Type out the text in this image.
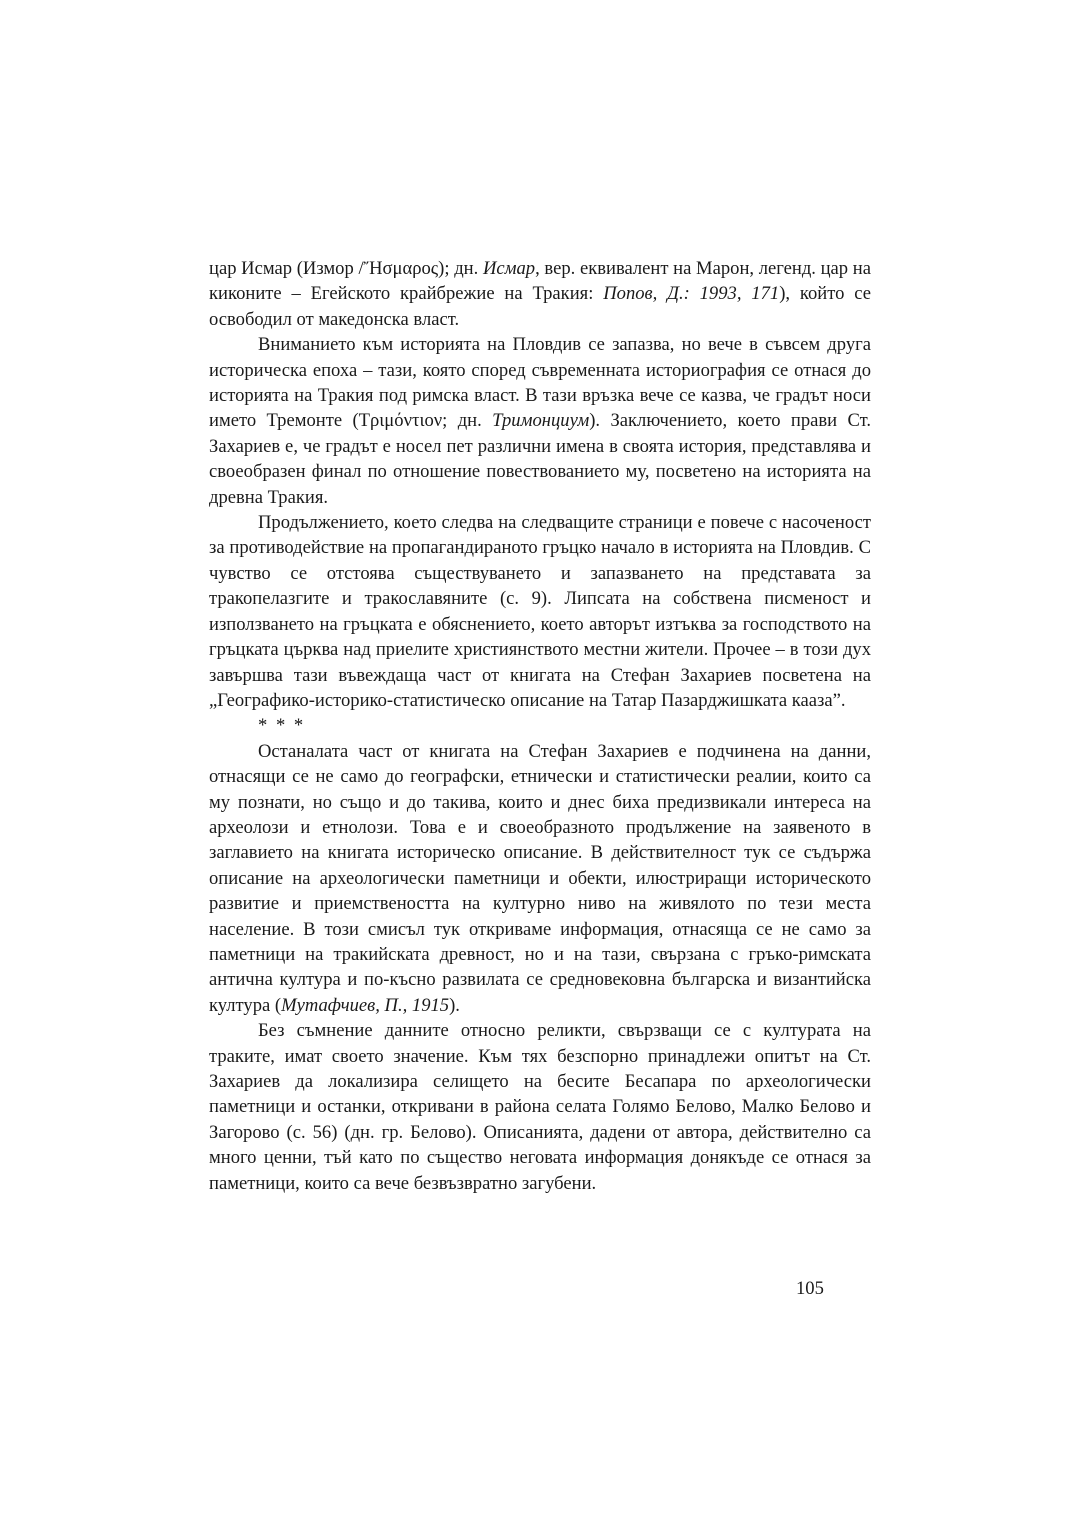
цар Исмар (Измор /Ἤσμαρος); дн. Исмар, вер. еквивалент на Марон, легенд. цар на киконите – Егейското крайбрежие на Тракия: Попов, Д.: 1993, 171), който се освободил от македонска власт.

Вниманието към историята на Пловдив се запазва, но вече в съвсем друга историческа епоха – тази, която според съвременната историография се отнася до историята на Тракия под римска власт. В тази връзка вече се казва, че градът носи името Тремонте (Τριμόντιον; дн. Тримонциум). Заключението, което прави Ст. Захариев е, че градът е носел пет различни имена в своята история, представлява и своеобразен финал по отношение повествованието му, посветено на историята на древна Тракия.

Продължението, което следва на следващите страници е повече с насоченост за противодействие на пропагандираното гръцко начало в историята на Пловдив. С чувство се отстоява съществуването и запазването на представата за тракопелазгите и тракославяните (с. 9). Липсата на собствена писменост и използването на гръцката е обяснението, което авторът изтъква за господството на гръцката църква над приелите християнството местни жители. Прочее – в този дух завършва тази въвеждаща част от книгата на Стефан Захариев посветена на „Географико-историко-статистическо описание на Татар Пазарджишката кааза”.

* * *

Останалата част от книгата на Стефан Захариев е подчинена на данни, отнасящи се не само до географски, етнически и статистически реалии, които са му познати, но също и до такива, които и днес биха предизвикали интереса на археолози и етнолози. Това е и своеобразното продължение на заявеното в заглавието на книгата историческо описание. В действителност тук се съдържа описание на археологически паметници и обекти, илюстриращи историческото развитие и приемствеността на културно ниво на живялото по тези места население. В този смисъл тук откриваме информация, отнасяща се не само за паметници на тракийската древност, но и на тази, свързана с гръко-римската антична култура и по-късно развилата се средновековна българска и византийска култура (Мутафчиев, П., 1915).

Без съмнение данните относно реликти, свързващи се с културата на траките, имат своето значение. Към тях безспорно принадлежи опитът на Ст. Захариев да локализира селището на бесите Бесапара по археологически паметници и останки, откривани в района селата Голямо Белово, Малко Белово и Загорово (с. 56) (дн. гр. Белово). Описанията, дадени от автора, действително са много ценни, тъй като по същество неговата информация донякъде се отнася за паметници, които са вече безвъзвратно загубени.

105
